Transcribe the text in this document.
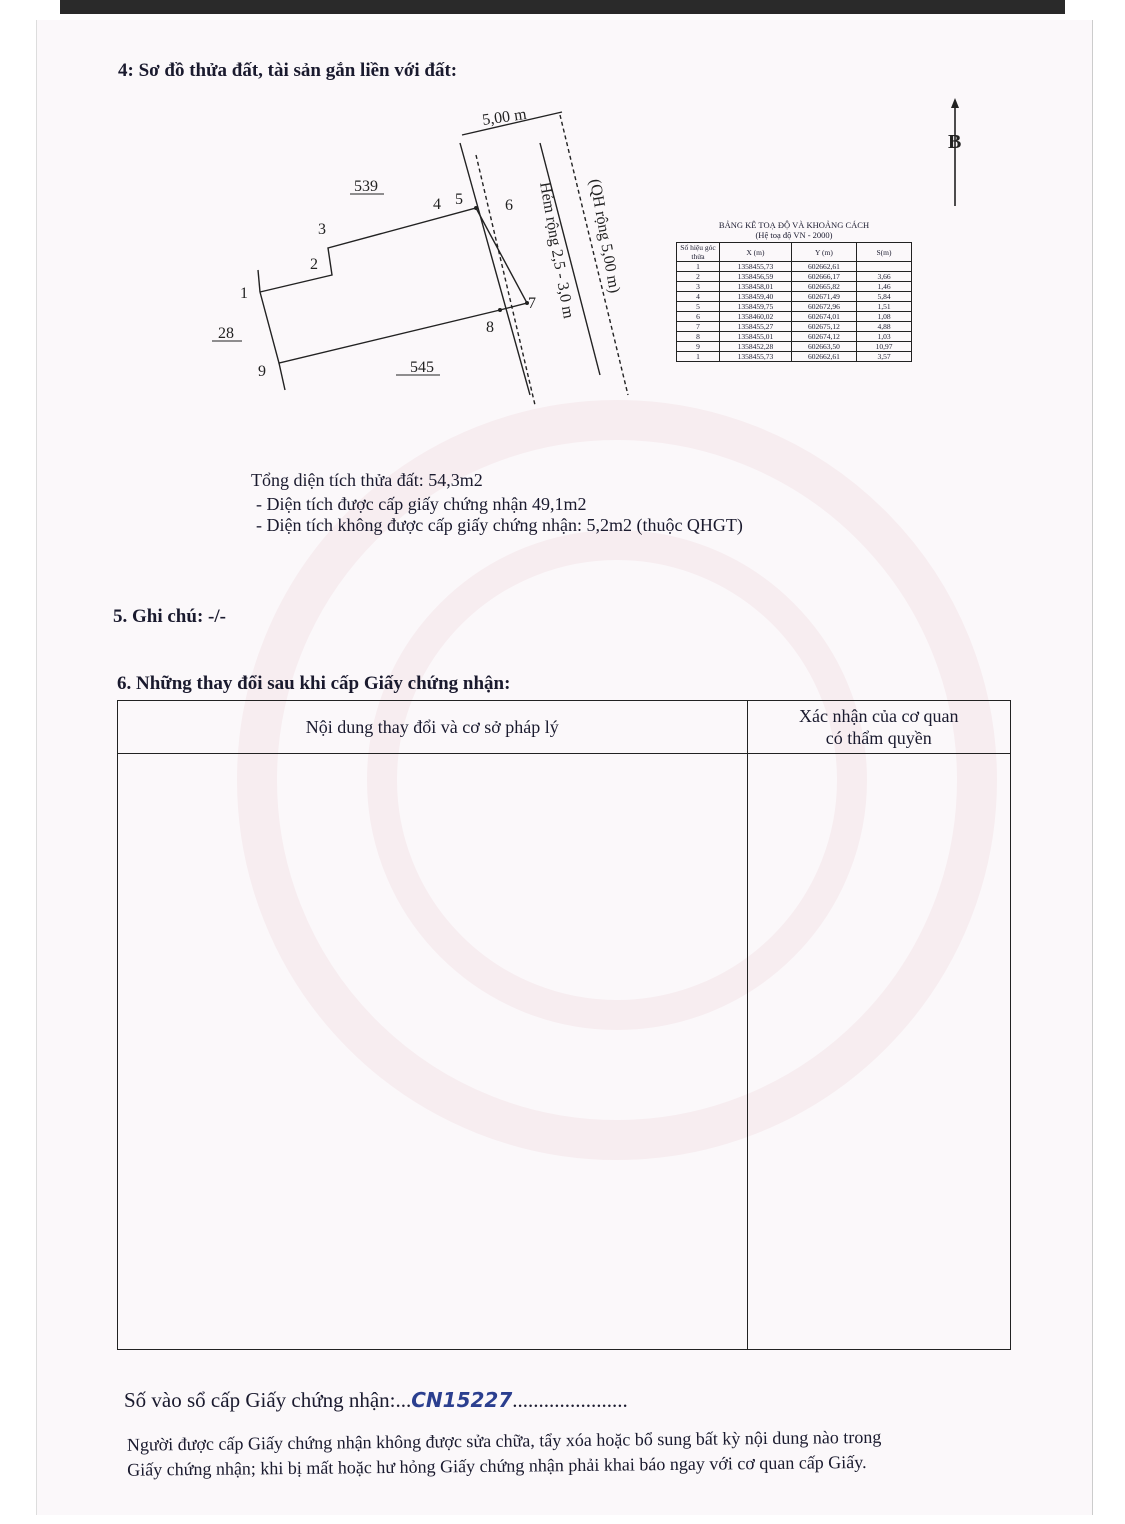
4: Sơ đồ thửa đất, tài sản gắn liền với đất:
5,00 m
539
28
545
1
2
3
4 5	6
7
8
9
Hẻm rộng 2,5 - 3,0 m (QH rộng 5,00 m)
B
BẢNG KÊ TOẠ ĐỘ VÀ KHOẢNG CÁCH
(Hệ toạ độ VN - 2000)
Số hiệu góc thửa	X (m)	Y (m)	S(m)
1	1358455,73	602662,61	
2	1358456,59	602666,17	3,66
3	1358458,01	602665,82	1,46
4	1358459,40	602671,49	5,84
5	1358459,75	602672,96	1,51
6	1358460,02	602674,01	1,08
7	1358455,27	602675,12	4,88
8	1358455,01	602674,12	1,03
9	1358452,28	602663,50	10,97
1	1358455,73	602662,61	3,57
Tổng diện tích thửa đất: 54,3m2
- Diện tích được cấp giấy chứng nhận 49,1m2
- Diện tích không được cấp giấy chứng nhận: 5,2m2 (thuộc QHGT)
5. Ghi chú: -/-
6. Những thay đổi sau khi cấp Giấy chứng nhận:
Nội dung thay đổi và cơ sở pháp lý	Xác nhận của cơ quan
có thẩm quyền

Số vào sổ cấp Giấy chứng nhận:...CN15227......................
Người được cấp Giấy chứng nhận không được sửa chữa, tẩy xóa hoặc bổ sung bất kỳ nội dung nào trong
Giấy chứng nhận; khi bị mất hoặc hư hỏng Giấy chứng nhận phải khai báo ngay với cơ quan cấp Giấy.
